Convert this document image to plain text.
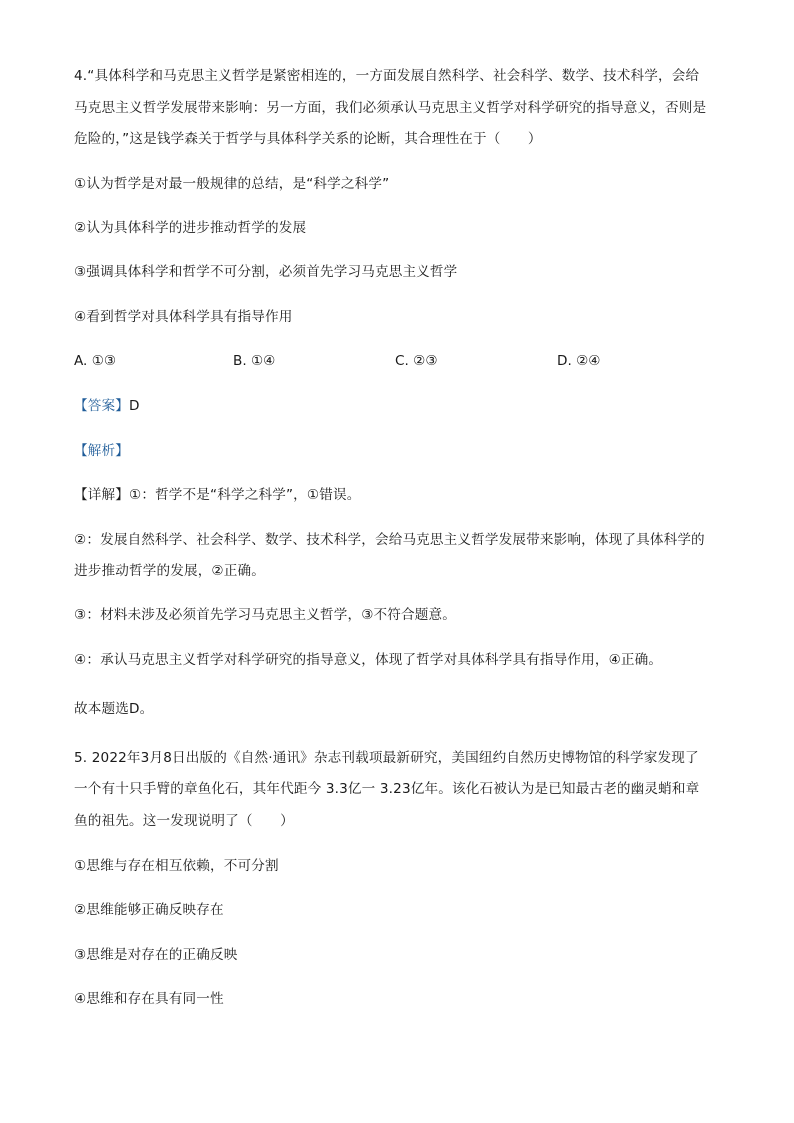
4.“具体科学和马克思主义哲学是紧密相连的，一方面发展自然科学、社会科学、数学、技术科学，会给
马克思主义哲学发展带来影响：另一方面，我们必须承认马克思主义哲学对科学研究的指导意义，否则是
危险的，”这是钱学森关于哲学与具体科学关系的论断，其合理性在于（　　）
①认为哲学是对最一般规律的总结，是“科学之科学”
②认为具体科学的进步推动哲学的发展
③强调具体科学和哲学不可分割，必须首先学习马克思主义哲学
④看到哲学对具体科学具有指导作用
A. ①③	B. ①④	C. ②③	D. ②④
【答案】D
【解析】
【详解】①：哲学不是“科学之科学”，①错误。
②：发展自然科学、社会科学、数学、技术科学，会给马克思主义哲学发展带来影响，体现了具体科学的
进步推动哲学的发展，②正确。
③：材料未涉及必须首先学习马克思主义哲学，③不符合题意。
④：承认马克思主义哲学对科学研究的指导意义，体现了哲学对具体科学具有指导作用，④正确。
故本题选D。
5. 2022年3月8日出版的《自然·通讯》杂志刊载项最新研究，美国纽约自然历史博物馆的科学家发现了
一个有十只手臂的章鱼化石，其年代距今 3.3亿一 3.23亿年。该化石被认为是已知最古老的幽灵蛸和章
鱼的祖先。这一发现说明了（　　）
①思维与存在相互依赖，不可分割
②思维能够正确反映存在
③思维是对存在的正确反映
④思维和存在具有同一性
